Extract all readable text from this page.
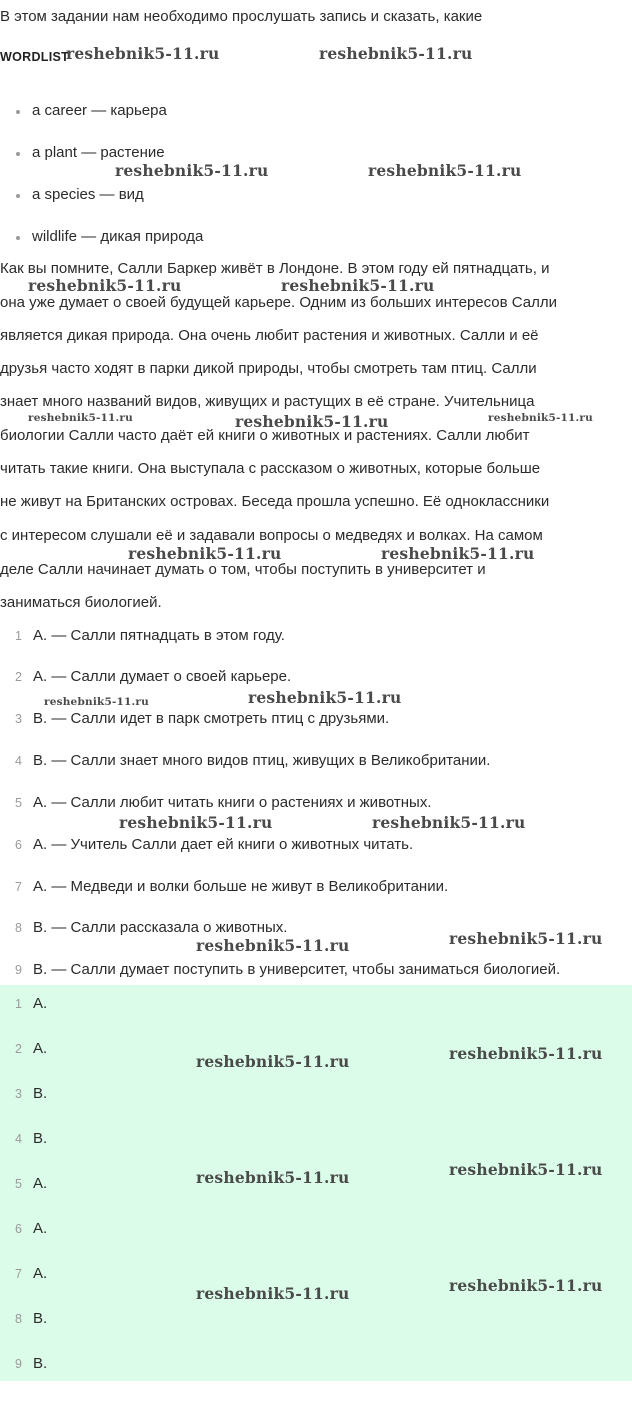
В этом задании нам необходимо прослушать запись и сказать, какие

WORDLIST
a career — карьера
a plant — растение
a species — вид
wildlife — дикая природа

Как вы помните, Салли Баркер живёт в Лондоне. В этом году ей пятнадцать, и

она уже думает о своей будущей карьере. Одним из больших интересов Салли

является дикая природа. Она очень любит растения и животных. Салли и её

друзья часто ходят в парки дикой природы, чтобы смотреть там птиц. Салли

знает много названий видов, живущих и растущих в её стране. Учительница

биологии Салли часто даёт ей книги о животных и растениях. Салли любит

читать такие книги. Она выступала с рассказом о животных, которые больше

не живут на Британских островах. Беседа прошла успешно. Её одноклассники

с интересом слушали её и задавали вопросы о медведях и волках. На самом

деле Салли начинает думать о том, чтобы поступить в университет и

заниматься биологией.

1 A. — Салли пятнадцать в этом году.
2 A. — Салли думает о своей карьере.
3 B. — Салли идет в парк смотреть птиц с друзьями.
4 B. — Салли знает много видов птиц, живущих в Великобритании.
5 A. — Салли любит читать книги о растениях и животных.
6 A. — Учитель Салли дает ей книги о животных читать.
7 A. — Медведи и волки больше не живут в Великобритании.
8 B. — Салли рассказала о животных.
9 B. — Салли думает поступить в университет, чтобы заниматься биологией.
1 A.
2 A.
3 B.
4 B.
5 A.
6 A.
7 A.
8 B.
9 B.
reshebnik5-11.ru	reshebnik5-11.ru
reshebnik5-11.ru	reshebnik5-11.ru
reshebnik5-11.ru	reshebnik5-11.ru
reshebnik5-11.ru	reshebnik5-11.ru	reshebnik5-11.ru
reshebnik5-11.ru	reshebnik5-11.ru
reshebnik5-11.ru	reshebnik5-11.ru
reshebnik5-11.ru	reshebnik5-11.ru
reshebnik5-11.ru	reshebnik5-11.ru
reshebnik5-11.ru	reshebnik5-11.ru
reshebnik5-11.ru	reshebnik5-11.ru
reshebnik5-11.ru	reshebnik5-11.ru
